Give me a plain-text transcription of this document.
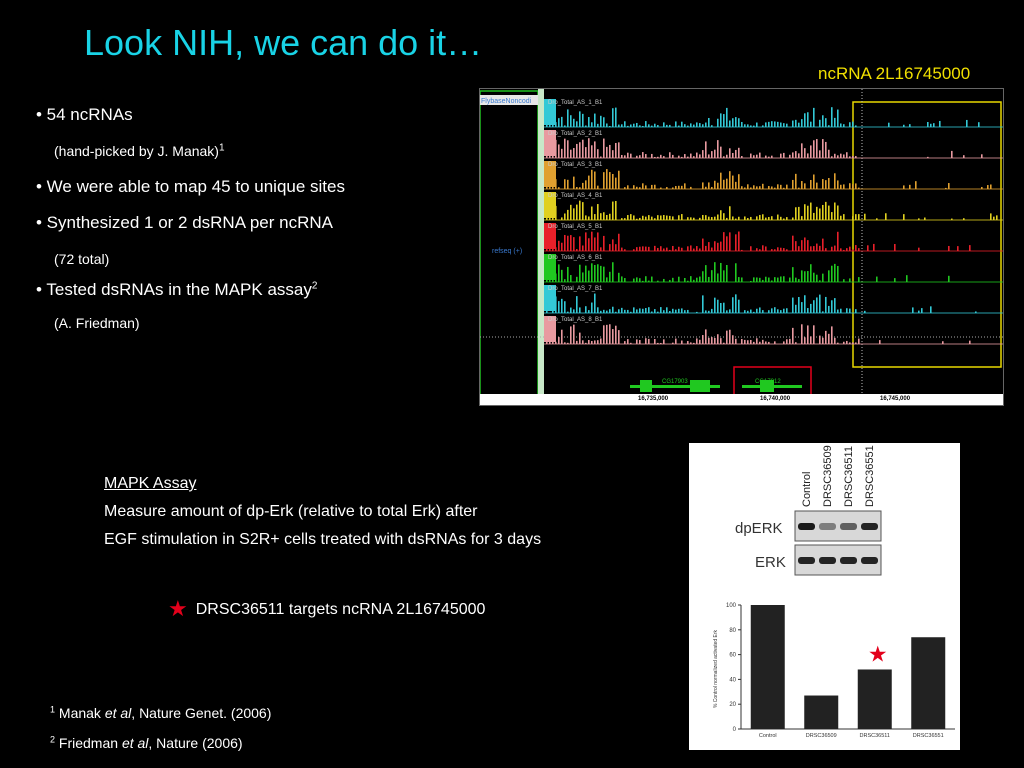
Look NIH, we can do it…
ncRNA 2L16745000
• 54 ncRNAs
(hand-picked by J. Manak)$^1$
• We were able to map 45 to unique sites
• Synthesized 1 or 2 dsRNA per ncRNA
(72 total)
• Tested dsRNAs in the MAPK assay$^2$
(A. Friedman)
FlybaseNoncodi
refseq (+)
Dro_Total_AS_1_B1
Dro_Total_AS_2_B1
Dro_Total_AS_3_B1
Dro_Total_AS_4_B1
Dro_Total_AS_5_B1
Dro_Total_AS_6_B1
Dro_Total_AS_7_B1
Dro_Total_AS_8_B1
CG17903	CG17912
16,735,000	16,740,000	16,745,000
MAPK Assay
Measure amount of dp-Erk (relative to total Erk) after
EGF stimulation in S2R+ cells treated with dsRNAs for 3 days
★ DRSC36511 targets ncRNA 2L16745000
$^1$ Manak et al, Nature Genet. (2006)
$^2$ Friedman et al, Nature (2006)
Control DRSC36509 DRSC36511 DRSC36551
dpERK
ERK
0
20
40
60
80
100
% Control normalized activated Erk
Control	DRSC36509	DRSC36511
★
DRSC36551
